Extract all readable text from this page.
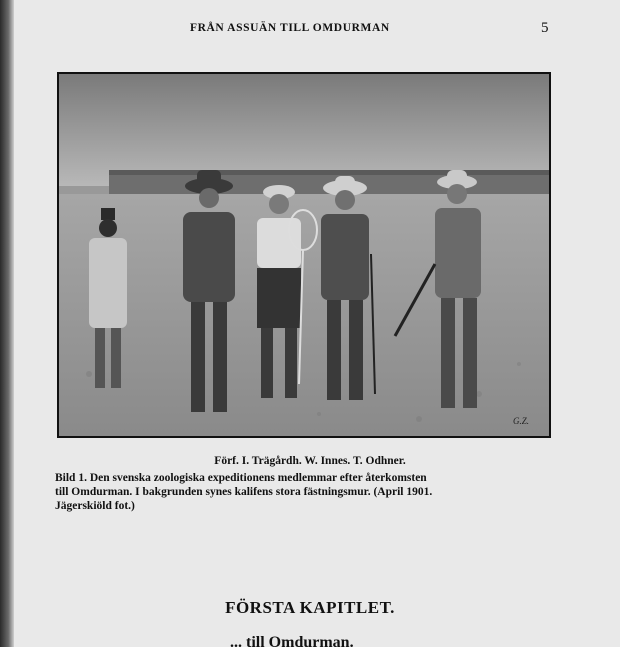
FRÅN ASSUÄN TILL OMDURMAN	5
G.Z.
Förf. I. Trägårdh. W. Innes. T. Odhner.
Bild 1. Den svenska zoologiska expeditionens medlemmar efter återkomsten
till Omdurman. I bakgrunden synes kalifens stora fästningsmur. (April 1901.
Jägerskiöld fot.)
FÖRSTA KAPITLET.
... till Omdurman.
